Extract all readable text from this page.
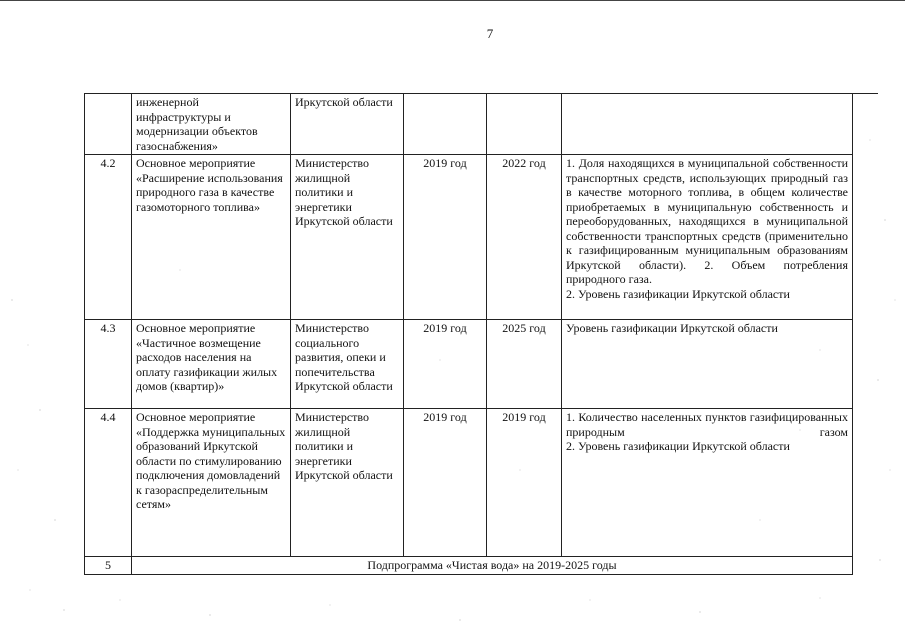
7
	инженерной инфраструктуры и модернизации объектов газоснабжения»	Иркутской области				
4.2	Основное мероприятие «Расширение использования природного газа в качестве газомоторного топлива»	Министерство жилищной политики и энергетики Иркутской области	2019 год	2022 год	1. Доля находящихся в муниципальной собственности транспортных средств, использующих природный газ в качестве моторного топлива, в общем количестве приобретаемых в муниципальную собственность и переоборудованных, находящихся в муниципальной собственности транспортных средств (применительно к газифицированным муниципальным образованиям Иркутской области). 2. Объем потребления природного газа.
2. Уровень газификации Иркутской области	

4.3	Основное мероприятие «Частичное возмещение расходов населения на оплату газификации жилых домов (квартир)»	Министерство социального развития, опеки и попечительства Иркутской области	2019 год	2025 год	Уровень газификации Иркутской области	
4.4	Основное мероприятие «Поддержка муниципальных образований Иркутской области по стимулированию подключения домовладений к газораспределительным сетям»	Министерство жилищной политики и энергетики Иркутской области	2019 год	2019 год	1. Количество населенных пунктов газифицированных природным газом
2. Уровень газификации Иркутской области	

5	Подпрограмма «Чистая вода» на 2019-2025 годы					
